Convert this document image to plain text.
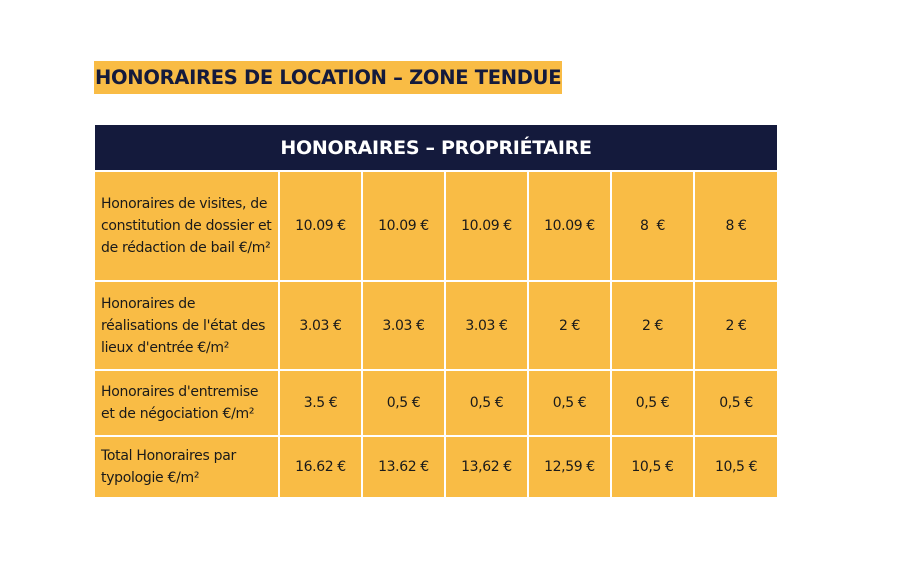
HONORAIRES DE LOCATION – ZONE TENDUE
HONORAIRES – PROPRIÉTAIRE						
Honoraires de visites, de constitution de dossier et de rédaction de bail €/m²	10.09 €	10.09 €	10.09 €	10.09 €	8  €	8 €
Honoraires de réalisations de l'état des lieux d'entrée €/m²	3.03 €	3.03 €	3.03 €	2 €	2 €	2 €
Honoraires d'entremise et de négociation €/m²	3.5 €	0,5 €	0,5 €	0,5 €	0,5 €	0,5 €
Total Honoraires par typologie €/m²	16.62 €	13.62 €	13,62 €	12,59 €	10,5 €	10,5 €
